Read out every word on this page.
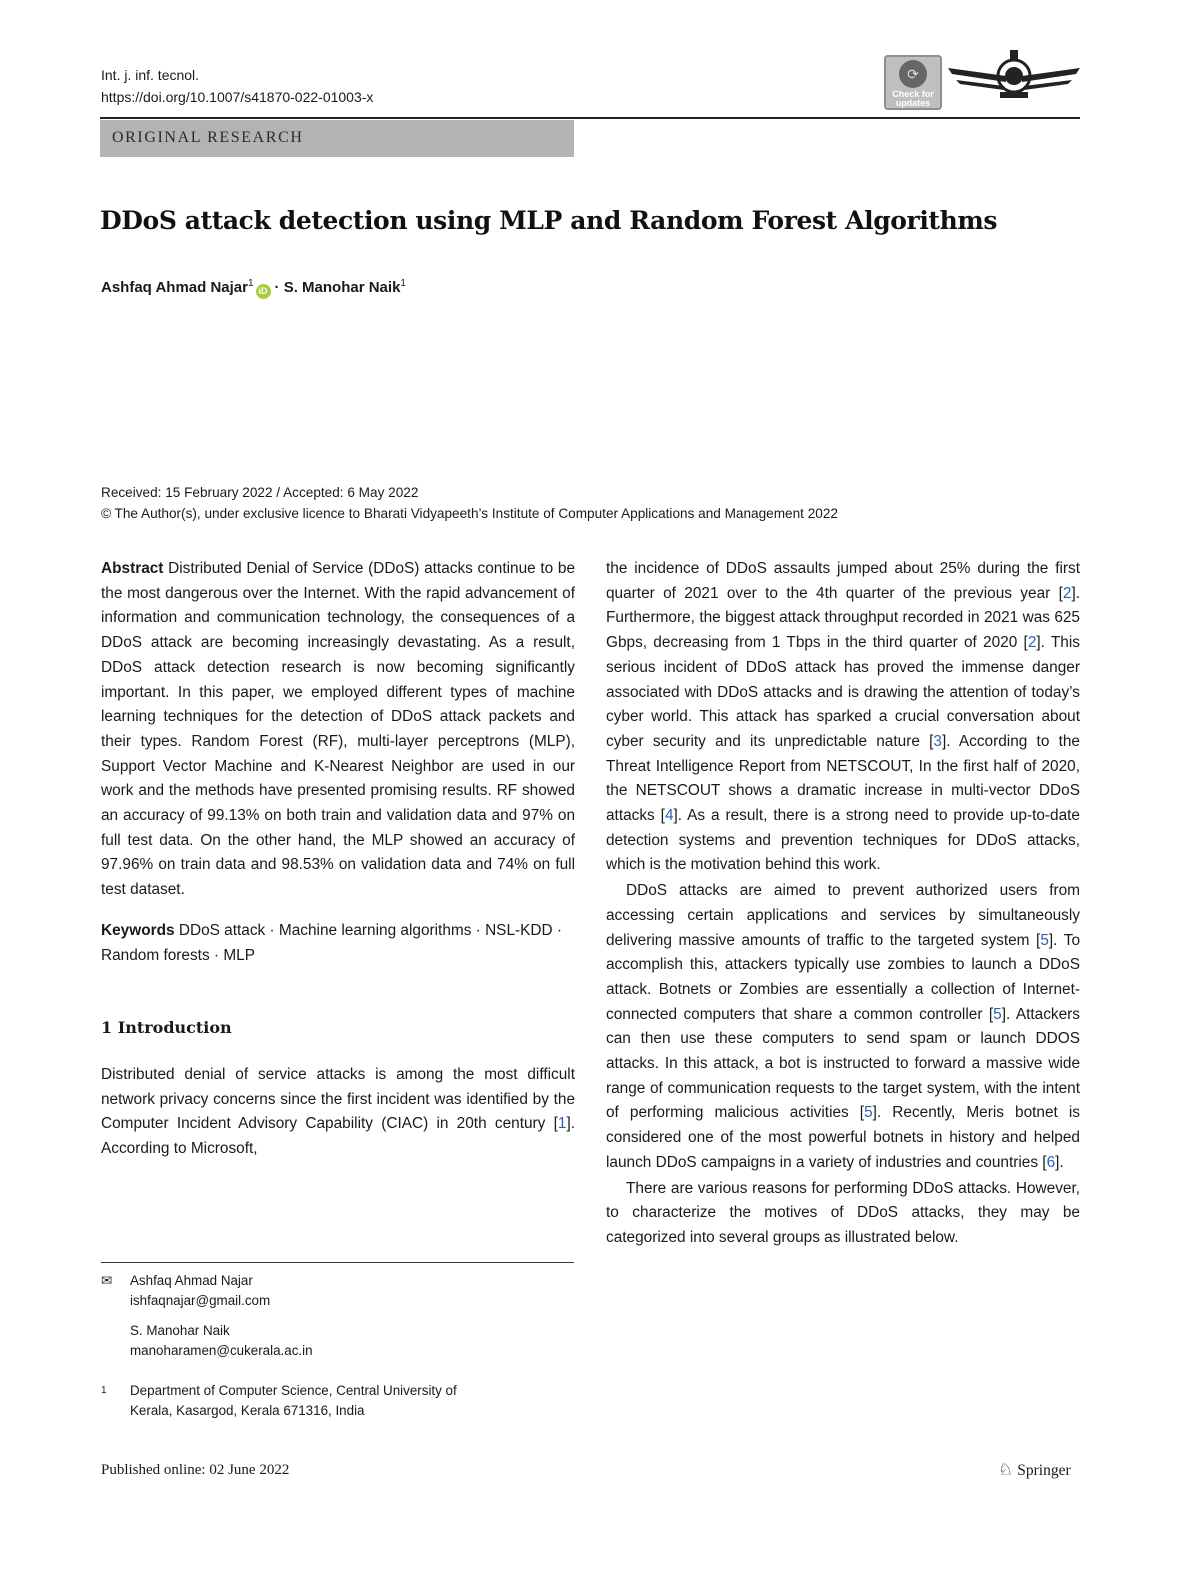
Int. j. inf. tecnol.
https://doi.org/10.1007/s41870-022-01003-x
⟳
Check for updates
ORIGINAL RESEARCH
DDoS attack detection using MLP and Random Forest Algorithms
Ashfaq Ahmad Najar$^1$iD · S. Manohar Naik$^1$
Received: 15 February 2022 / Accepted: 6 May 2022
© The Author(s), under exclusive licence to Bharati Vidyapeeth’s Institute of Computer Applications and Management 2022

Abstract Distributed Denial of Service (DDoS) attacks continue to be the most dangerous over the Internet. With the rapid advancement of information and communication technology, the consequences of a DDoS attack are becoming increasingly devastating. As a result, DDoS attack detection research is now becoming significantly important. In this paper, we employed different types of machine learning techniques for the detection of DDoS attack packets and their types. Random Forest (RF), multi-layer perceptrons (MLP), Support Vector Machine and K-Nearest Neighbor are used in our work and the methods have presented promising results. RF showed an accuracy of 99.13% on both train and validation data and 97% on full test data. On the other hand, the MLP showed an accuracy of 97.96% on train data and 98.53% on validation data and 74% on full test dataset.

Keywords DDoS attack · Machine learning algorithms · NSL-KDD · Random forests · MLP

1 Introduction

Distributed denial of service attacks is among the most difficult network privacy concerns since the first incident was identified by the Computer Incident Advisory Capability (CIAC) in 20th century [1]. According to Microsoft,

✉	Ashfaq Ahmad Najar
ishfaqnajar@gmail.com
S. Manohar Naik
manoharamen@cukerala.ac.in
1	Department of Computer Science, Central University of
Kerala, Kasargod, Kerala 671316, India

the incidence of DDoS assaults jumped about 25% during the first quarter of 2021 over to the 4th quarter of the previous year [2]. Furthermore, the biggest attack throughput recorded in 2021 was 625 Gbps, decreasing from 1 Tbps in the third quarter of 2020 [2]. This serious incident of DDoS attack has proved the immense danger associated with DDoS attacks and is drawing the attention of today’s cyber world. This attack has sparked a crucial conversation about cyber security and its unpredictable nature [3]. According to the Threat Intelligence Report from NETSCOUT, In the first half of 2020, the NETSCOUT shows a dramatic increase in multi-vector DDoS attacks [4]. As a result, there is a strong need to provide up-to-date detection systems and prevention techniques for DDoS attacks, which is the motivation behind this work.

DDoS attacks are aimed to prevent authorized users from accessing certain applications and services by simultaneously delivering massive amounts of traffic to the targeted system [5]. To accomplish this, attackers typically use zombies to launch a DDoS attack. Botnets or Zombies are essentially a collection of Internet-connected computers that share a common controller [5]. Attackers can then use these computers to send spam or launch DDOS attacks. In this attack, a bot is instructed to forward a massive wide range of communication requests to the target system, with the intent of performing malicious activities [5]. Recently, Meris botnet is considered one of the most powerful botnets in history and helped launch DDoS campaigns in a variety of industries and countries [6].

There are various reasons for performing DDoS attacks. However, to characterize the motives of DDoS attacks, they may be categorized into several groups as illustrated below.

Published online: 02 June 2022	♘ Springer
